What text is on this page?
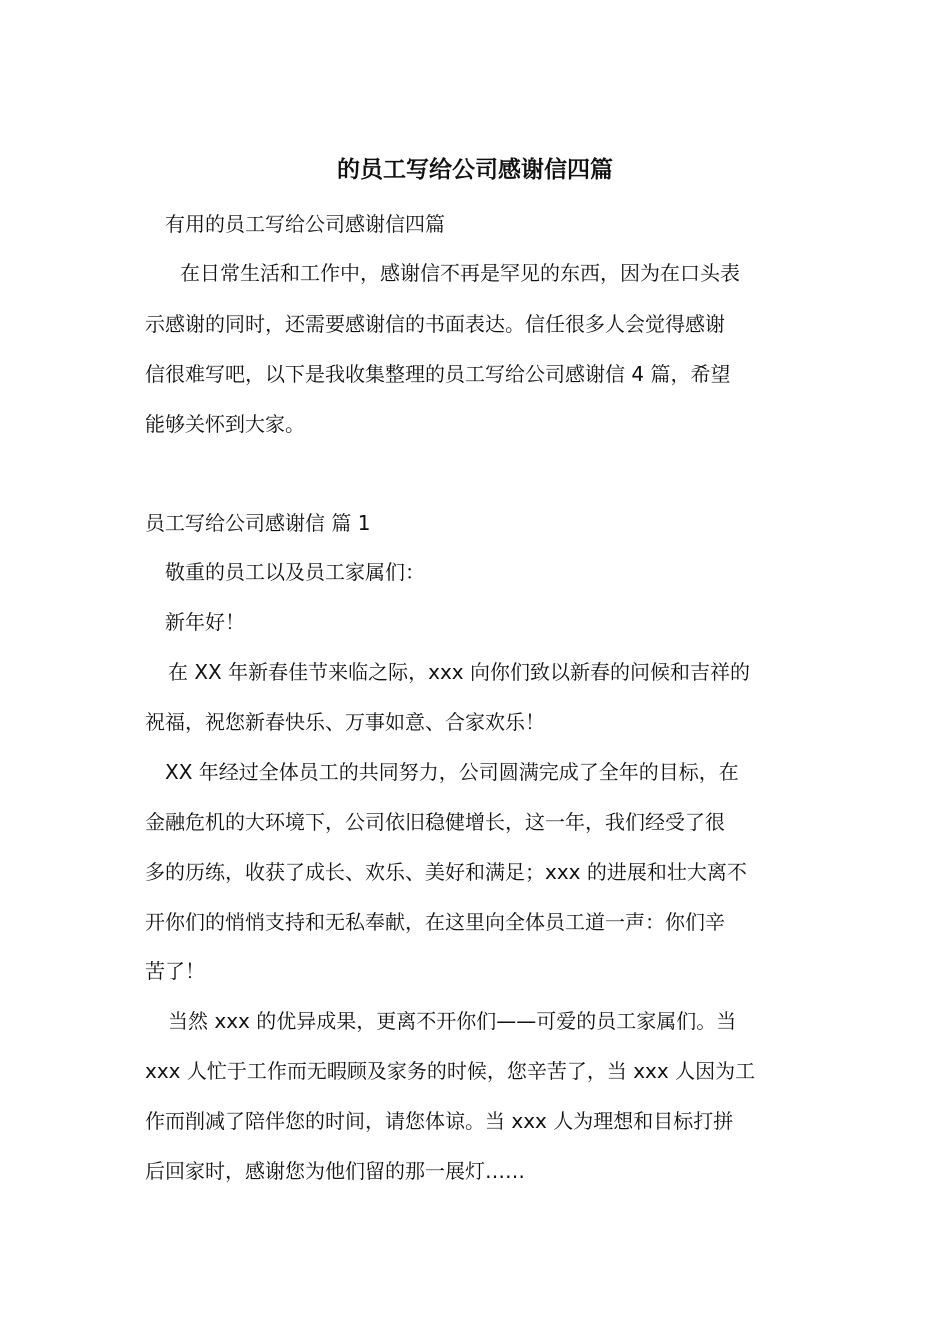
的员工写给公司感谢信四篇
有用的员工写给公司感谢信四篇
在日常生活和工作中，感谢信不再是罕见的东西，因为在口头表
示感谢的同时，还需要感谢信的书面表达。信任很多人会觉得感谢
信很难写吧，以下是我收集整理的员工写给公司感谢信 4 篇，希望
能够关怀到大家。
员工写给公司感谢信 篇 1
敬重的员工以及员工家属们：
新年好！
在 XX 年新春佳节来临之际，xxx 向你们致以新春的问候和吉祥的
祝福，祝您新春快乐、万事如意、合家欢乐！
XX 年经过全体员工的共同努力，公司圆满完成了全年的目标，在
金融危机的大环境下，公司依旧稳健增长，这一年，我们经受了很
多的历练，收获了成长、欢乐、美好和满足；xxx 的进展和壮大离不
开你们的悄悄支持和无私奉献，在这里向全体员工道一声：你们辛
苦了！
当然 xxx 的优异成果，更离不开你们——可爱的员工家属们。当
xxx 人忙于工作而无暇顾及家务的时候，您辛苦了，当 xxx 人因为工
作而削减了陪伴您的时间，请您体谅。当 xxx 人为理想和目标打拼
后回家时，感谢您为他们留的那一展灯……
